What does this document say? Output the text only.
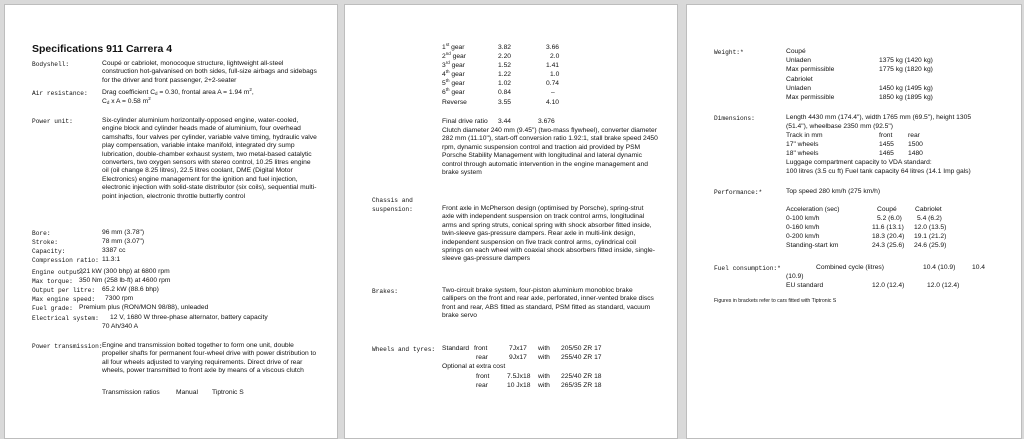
Specifications 911 Carrera 4
Bodyshell:	Coupé or cabriolet, monocoque structure, lightweight all-steel construction hot-galvanised on both sides, full-size airbags and sidebags for the driver and front passenger, 2+2-seater
Air resistance: Drag coefficient $C_d = 0.30$, frontal area A = 1.94 $m^2$,
$C_d$ x A = 0.58 $m^2$
Power unit:	Six-cylinder aluminium horizontally-opposed engine, water-cooled, engine block and cylinder heads made of aluminium, four overhead camshafts, four valves per cylinder, variable valve timing, hydraulic valve play compensation, variable intake manifold, integrated dry sump lubrication, double-chamber exhaust system, two metal-based catalytic converters, two oxygen sensors with stereo control, 10.25 litres engine oil (oil change 8.25 litres), 22.5 litres coolant, DME (Digital Motor Electronics) engine management for the ignition and fuel injection, electronic injection with solid-state distributor (six coils), sequential multi-point injection, electronic throttle butterfly control
Bore:	96 mm (3.78")
Stroke:	78 mm (3.07")
Capacity:	3387 cc
Compression ratio: 11.3:1
Engine output:
221 kW (300 bhp) at 6800 rpm
Max torque: 350 Nm (258 lb-ft) at 4600 rpm
Output per litre: 65.2 kW (88.6 bhp)
Max engine speed: 7300 rpm
Fuel grade: Premium plus (RON/MON 98/88), unleaded
Electrical system: 12 V, 1680 W three-phase alternator, battery capacity
70 Ah/340 A
Power transmission: Engine and transmission bolted together to form one unit, double propeller shafts for permanent four-wheel drive with power distribution to all four wheels adjusted to varying requirements. Direct drive of rear wheels, power transmitted to front axle by means of a viscous clutch
Transmission ratios Manual Tiptronic S
1st gear	3.82	3.66
2nd gear	2.20	2.0
3rd gear	1.52	1.41
4th gear	1.22	1.0
5th gear	1.02	0.74
6th gear	0.84	–
Reverse	3.55	4.10
Final drive ratio 3.44	3.676
Clutch diameter 240 mm (9.45") (two-mass flywheel), converter diameter 282 mm (11.10"), start-off conversion ratio 1.92:1, stall brake speed 2450 rpm, dynamic suspension control and traction aid provided by PSM Porsche Stability Management with longitudinal and lateral dynamic control through automatic intervention in the engine management and brake system
Chassis and
suspension:	Front axle in McPherson design (optimised by Porsche), spring-strut axle with independent suspension on track control arms, longitudinal arms and spring struts, conical spring with shock absorber fitted inside, twin-sleeve gas-pressure dampers. Rear axle in multi-link design, independent suspension on five track control arms, cylindrical coil springs on each wheel with coaxial shock absorbers fitted inside, single-sleeve gas-pressure dampers
Brakes:	Two-circuit brake system, four-piston aluminium monobloc brake callipers on the front and rear axle, perforated, inner-vented brake discs front and rear, ABS fitted as standard, PSM fitted as standard, vacuum brake servo
Wheels and tyres: Standard front	7Jx17 with 205/50 ZR 17
rear	9Jx17 with 255/40 ZR 17
Optional at extra cost
front	7.5Jx18 with 225/40 ZR 18
rear	10 Jx18 with 265/35 ZR 18
Weight:*	Coupé
Unladen	1375 kg (1420 kg)
Max permissible	1775 kg (1820 kg)
Cabriolet
Unladen	1450 kg (1495 kg)
Max permissible	1850 kg (1895 kg)
Dimensions:	Length 4430 mm (174.4"), width 1765 mm (69.5"), height 1305
(51.4"), wheelbase 2350 mm (92.5")
Track in mm	front rear
17" wheels	1455 1500
18" wheels	1465 1480
Luggage compartment capacity to VDA standard:
100 litres (3.5 cu ft) Fuel tank capacity 64 litres (14.1 Imp gals)
Performance:*	Top speed 280 km/h (275 km/h)
Acceleration (sec)	Coupé	Cabriolet
0-100 km/h	5.2 (6.0) 5.4 (6.2)
0-160 km/h	11.6 (13.1) 12.0 (13.5)
0-200 km/h	18.3 (20.4) 19.1 (21.2)
Standing-start km	24.3 (25.6) 24.6 (25.9)
Fuel consumption:*	Combined cycle (litres)	10.4 (10.9) 10.4
(10.9)
EU standard	12.0 (12.4)	12.0 (12.4)
Figures in brackets refer to cars fitted with Tiptronic S
